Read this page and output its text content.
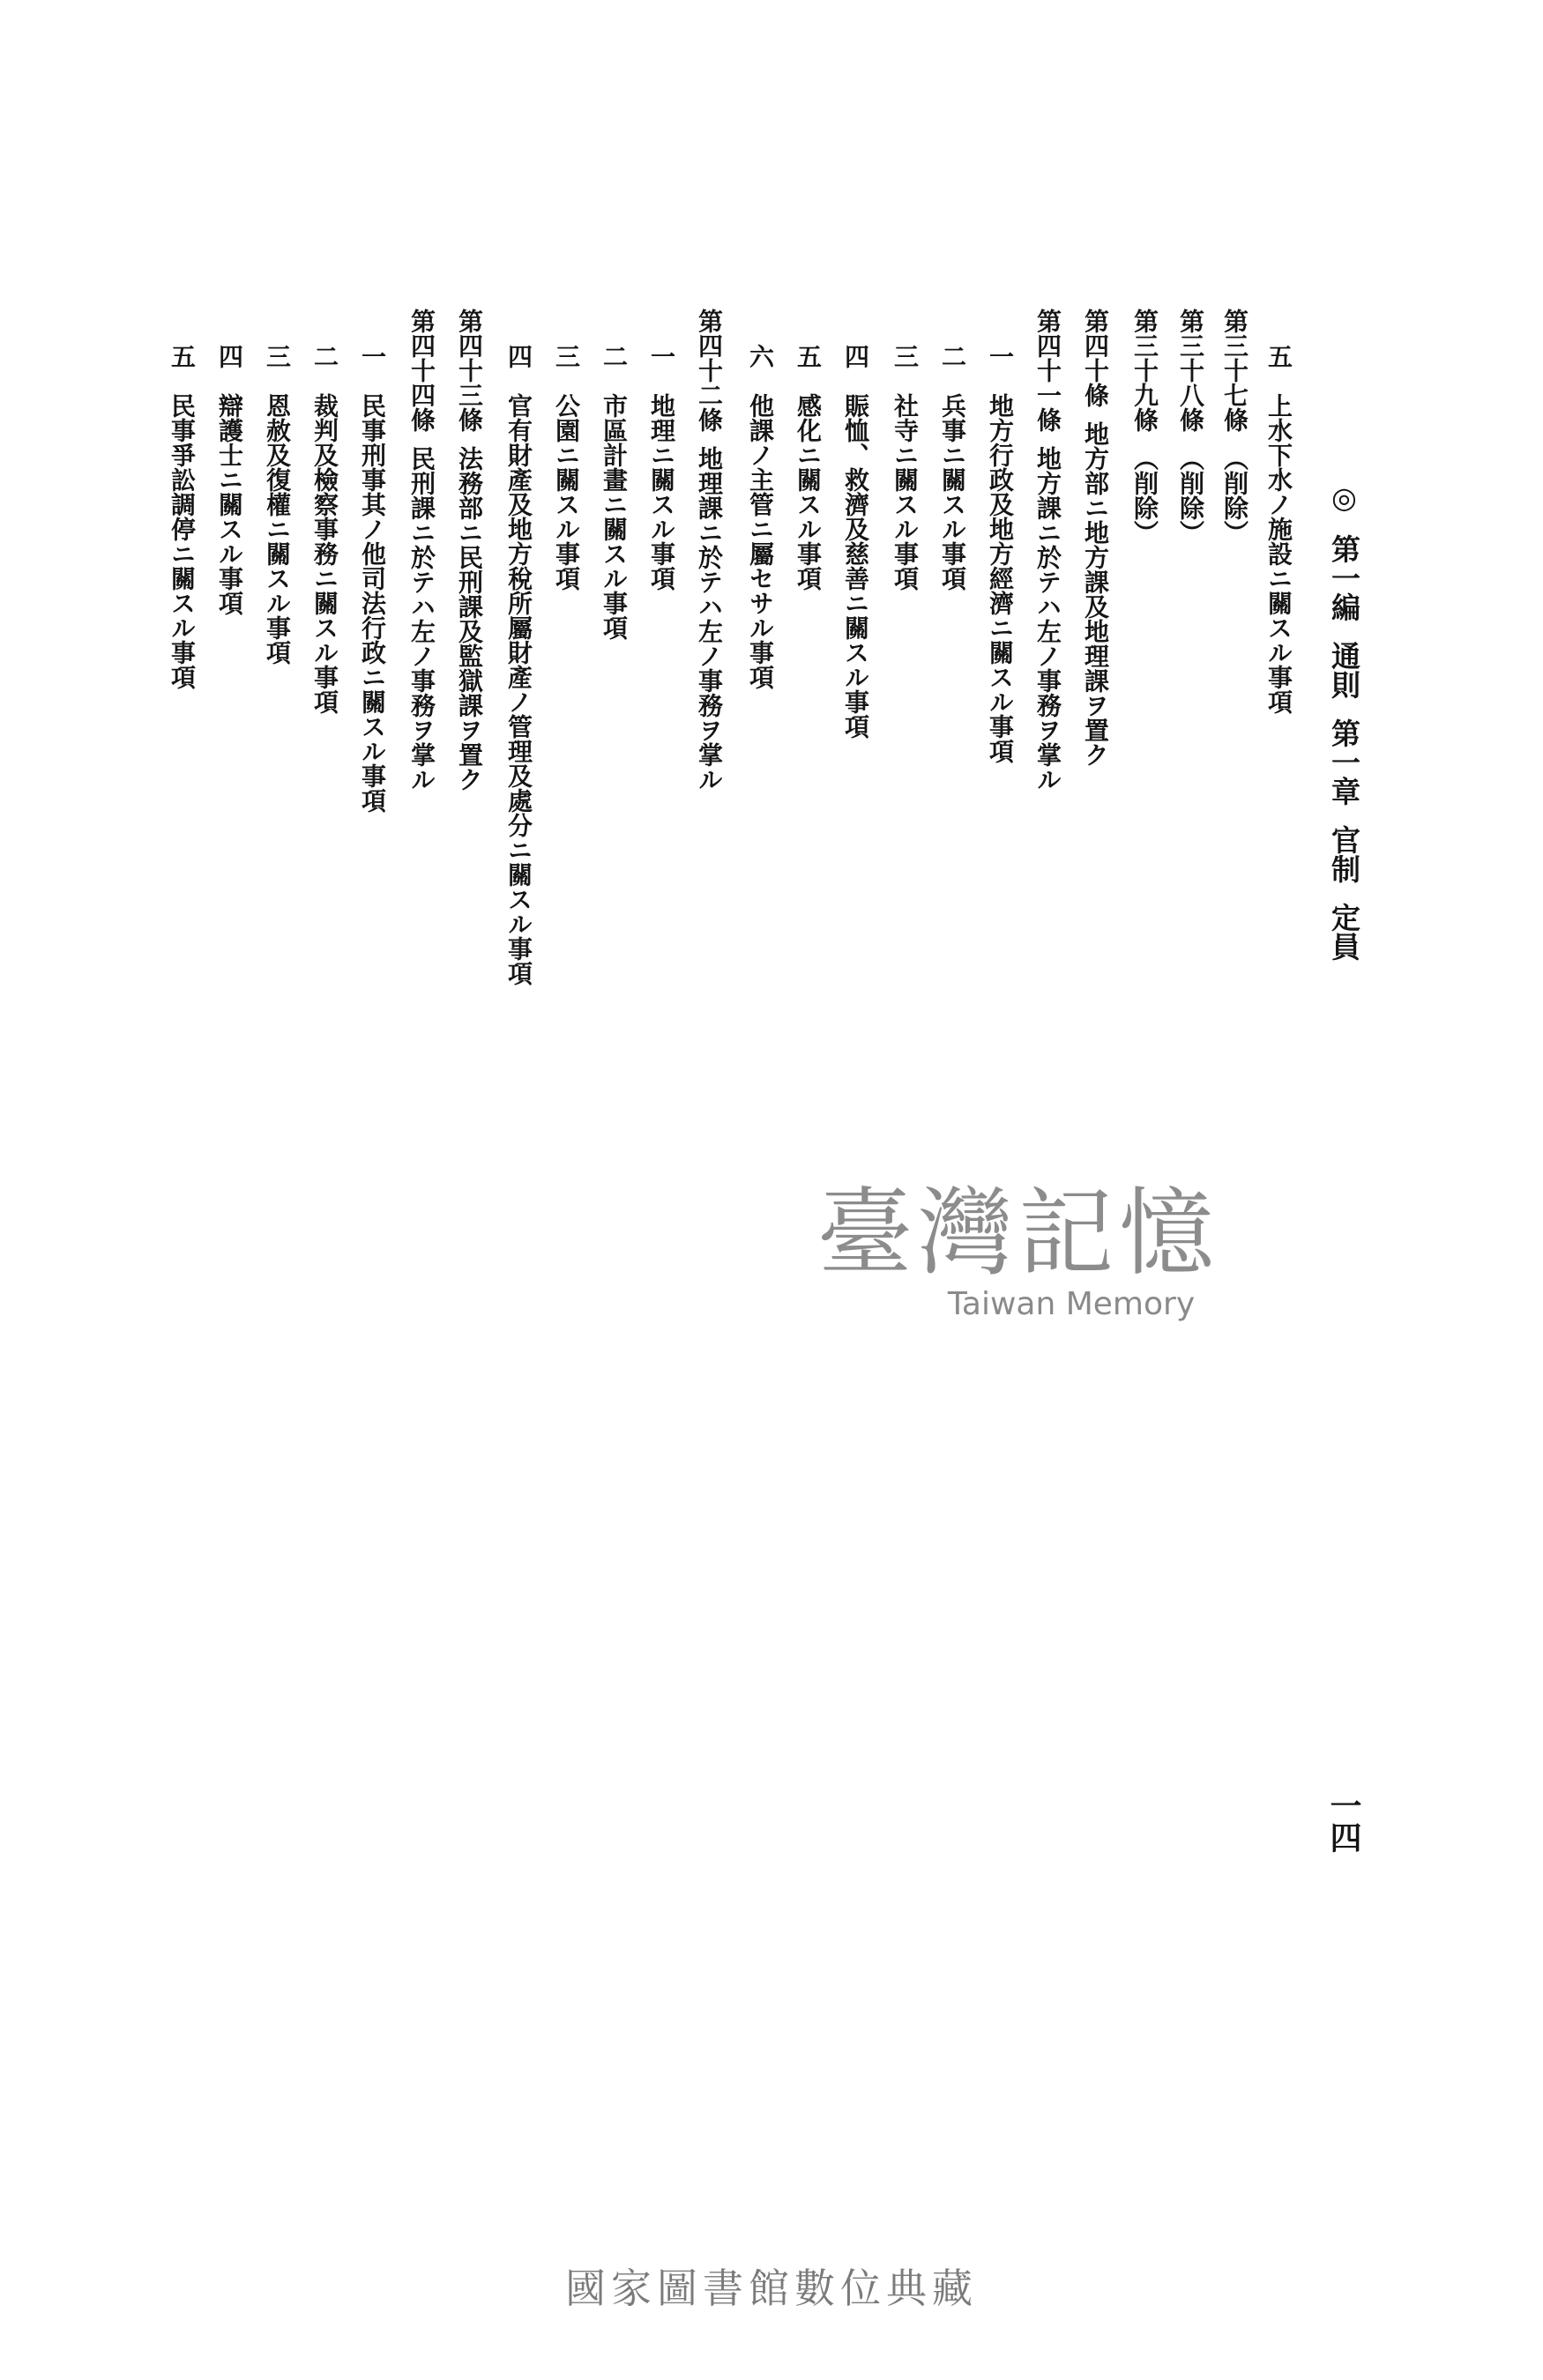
◎第一編通則第一章官制定員
一四
五上水下水ノ施設ニ關スル事項
第三十七條（削除）
第三十八條（削除）
第三十九條（削除）
第四十條地方部ニ地方課及地理課ヲ置ク
第四十一條地方課ニ於テハ左ノ事務ヲ掌ル
一地方行政及地方經濟ニ關スル事項
二兵事ニ關スル事項
三社寺ニ關スル事項
四賑恤、救濟及慈善ニ關スル事項
五感化ニ關スル事項
六他課ノ主管ニ屬セサル事項
第四十二條地理課ニ於テハ左ノ事務ヲ掌ル
一地理ニ關スル事項
二市區計畫ニ關スル事項
三公園ニ關スル事項
四官有財產及地方稅所屬財產ノ管理及處分ニ關スル事項
第四十三條法務部ニ民刑課及監獄課ヲ置ク
第四十四條民刑課ニ於テハ左ノ事務ヲ掌ル
一民事刑事其ノ他司法行政ニ關スル事項
二裁判及檢察事務ニ關スル事項
三恩赦及復權ニ關スル事項
四辯護士ニ關スル事項
五民事爭訟調停ニ關スル事項
臺灣記憶
Taiwan Memory
國家圖書館數位典藏
